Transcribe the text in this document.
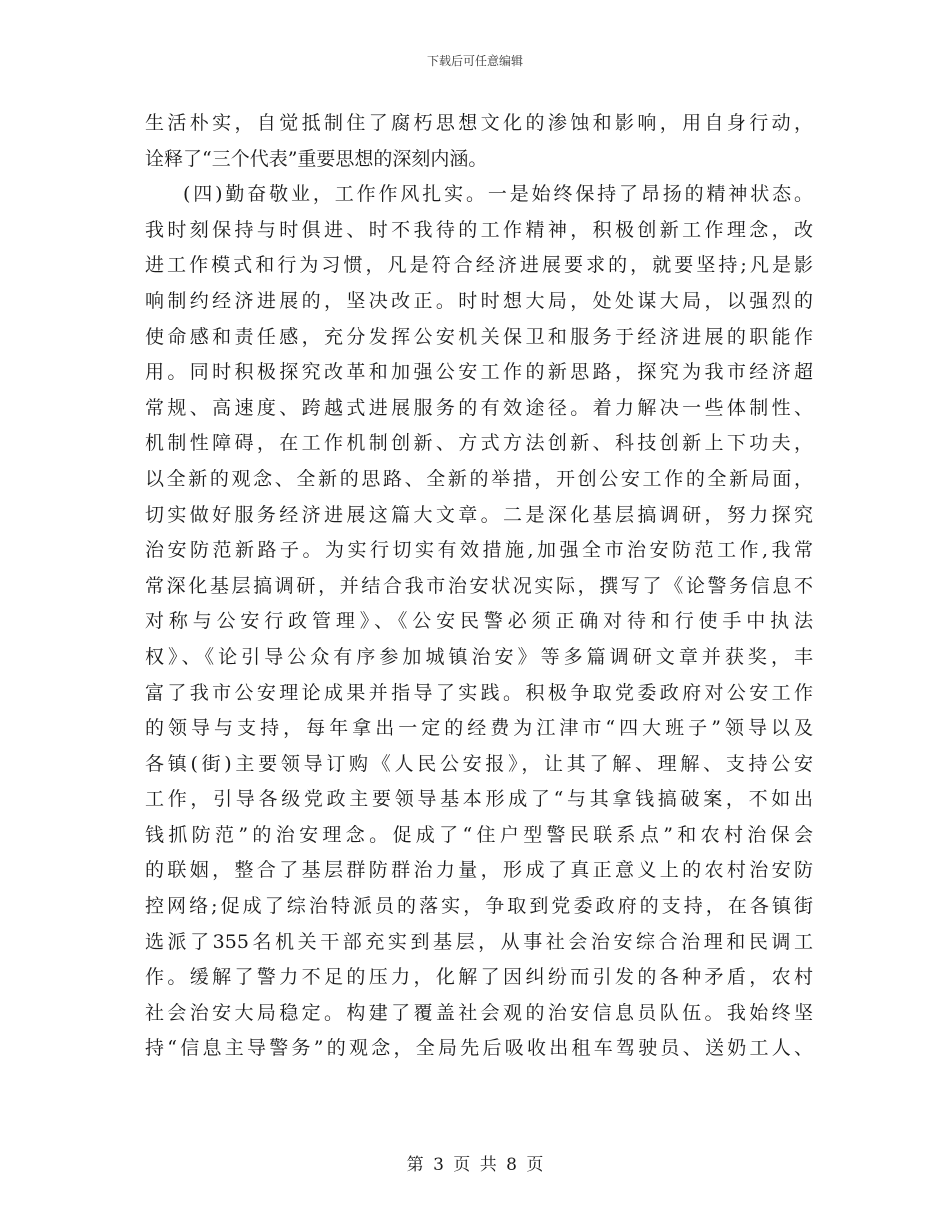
下载后可任意编辑
生活朴实，自觉抵制住了腐朽思想文化的渗蚀和影响，用自身行动，
诠释了“三个代表”重要思想的深刻内涵。
(四)勤奋敬业，工作作风扎实。一是始终保持了昂扬的精神状态。
我时刻保持与时俱进、时不我待的工作精神，积极创新工作理念，改
进工作模式和行为习惯，凡是符合经济进展要求的，就要坚持;凡是影
响制约经济进展的，坚决改正。时时想大局，处处谋大局，以强烈的
使命感和责任感，充分发挥公安机关保卫和服务于经济进展的职能作
用。同时积极探究改革和加强公安工作的新思路，探究为我市经济超
常规、高速度、跨越式进展服务的有效途径。着力解决一些体制性、
机制性障碍，在工作机制创新、方式方法创新、科技创新上下功夫，
以全新的观念、全新的思路、全新的举措，开创公安工作的全新局面，
切实做好服务经济进展这篇大文章。二是深化基层搞调研，努力探究
治安防范新路子。为实行切实有效措施,加强全市治安防范工作,我常
常深化基层搞调研，并结合我市治安状况实际，撰写了《论警务信息不
对称与公安行政管理》、《公安民警必须正确对待和行使手中执法
权》、《论引导公众有序参加城镇治安》等多篇调研文章并获奖，丰
富了我市公安理论成果并指导了实践。积极争取党委政府对公安工作
的领导与支持，每年拿出一定的经费为江津市“四大班子”领导以及
各镇(街)主要领导订购《人民公安报》，让其了解、理解、支持公安
工作，引导各级党政主要领导基本形成了“与其拿钱搞破案，不如出
钱抓防范”的治安理念。促成了“住户型警民联系点”和农村治保会
的联姻，整合了基层群防群治力量，形成了真正意义上的农村治安防
控网络;促成了综治特派员的落实，争取到党委政府的支持，在各镇街
选派了355名机关干部充实到基层，从事社会治安综合治理和民调工
作。缓解了警力不足的压力，化解了因纠纷而引发的各种矛盾，农村
社会治安大局稳定。构建了覆盖社会观的治安信息员队伍。我始终坚
持“信息主导警务”的观念，全局先后吸收出租车驾驶员、送奶工人、
第 3 页 共 8 页
